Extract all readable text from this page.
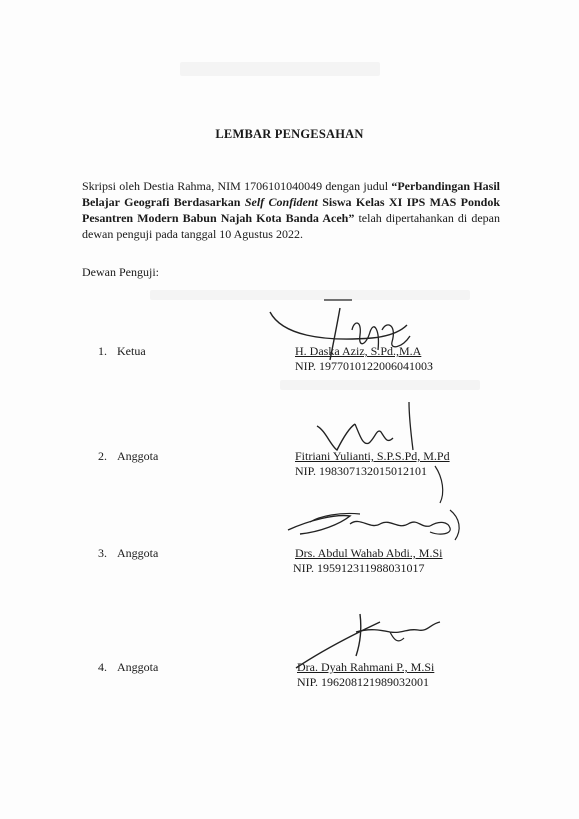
LEMBAR PENGESAHAN
Skripsi oleh Destia Rahma, NIM 1706101040049 dengan judul “Perbandingan Hasil Belajar Geografi Berdasarkan Self Confident Siswa Kelas XI IPS MAS Pondok Pesantren Modern Babun Najah Kota Banda Aceh” telah dipertahankan di depan dewan penguji pada tanggal 10 Agustus 2022.
Dewan Penguji:
1. Ketua	H. Daska Aziz, S.Pd.,M.A
NIP. 197701012200604100З
2. Anggota	Fitriani Yulianti, S.P.S.Pd, M.Pd
NIP. 198307132015012101
3. Anggota	Drs. Abdul Wahab Abdi., M.Si
NIP. 195912311988031017
4. Anggota	Dra. Dyah Rahmani P., M.Si
NIP. 196208121989032001
